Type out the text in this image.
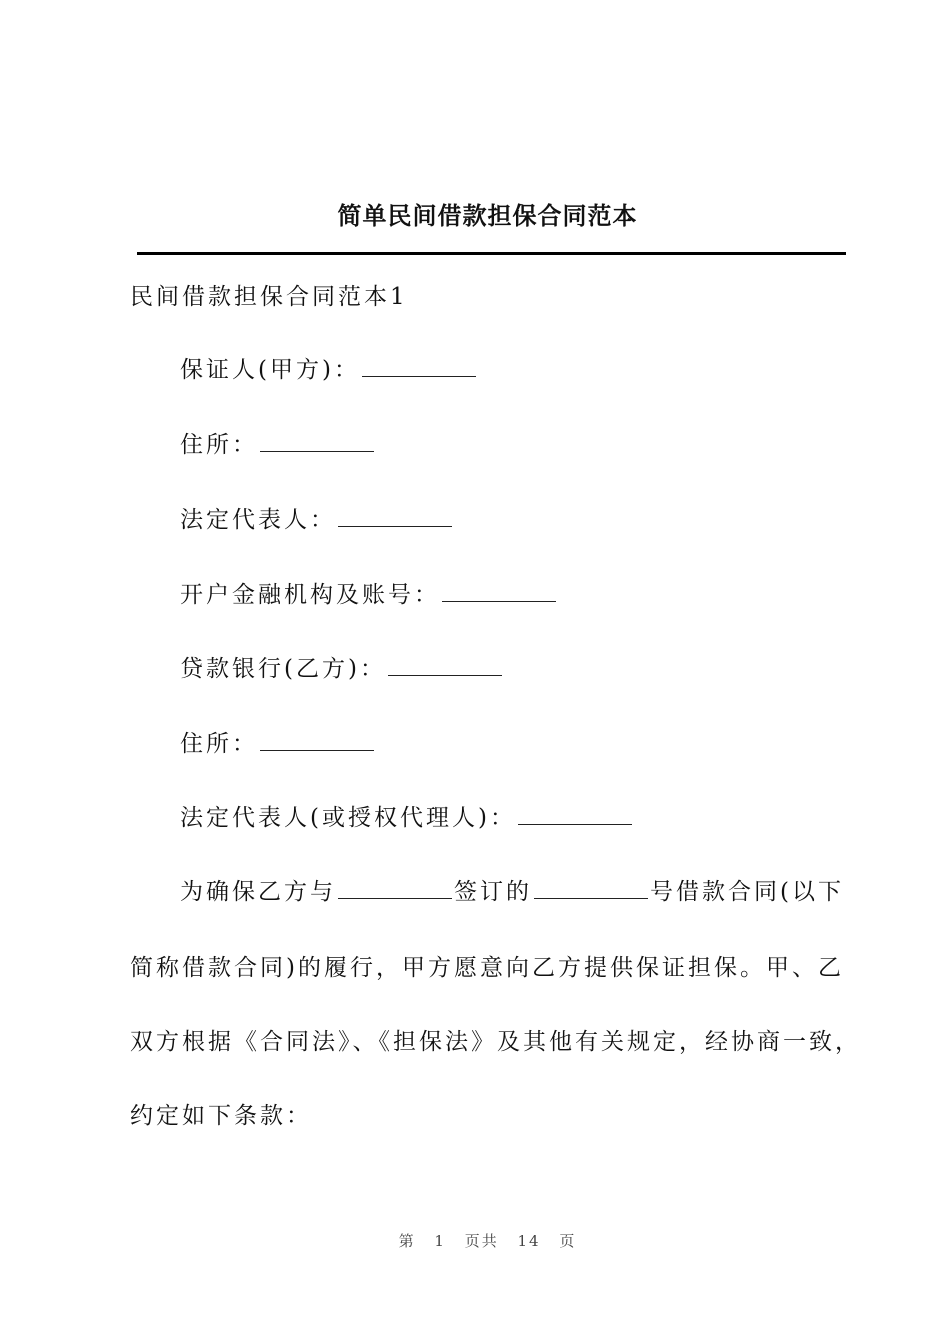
简单民间借款担保合同范本
民间借款担保合同范本1
保证人(甲方)：
住所：
法定代表人：
开户金融机构及账号：
贷款银行(乙方)：
住所：
法定代表人(或授权代理人)：
为确保乙方与	签订的	号借款合同(以下
简称借款合同)的履行，甲方愿意向乙方提供保证担保。甲、乙
双方根据《合同法》、《担保法》及其他有关规定，经协商一致，
约定如下条款：
第 1 页共 14 页
